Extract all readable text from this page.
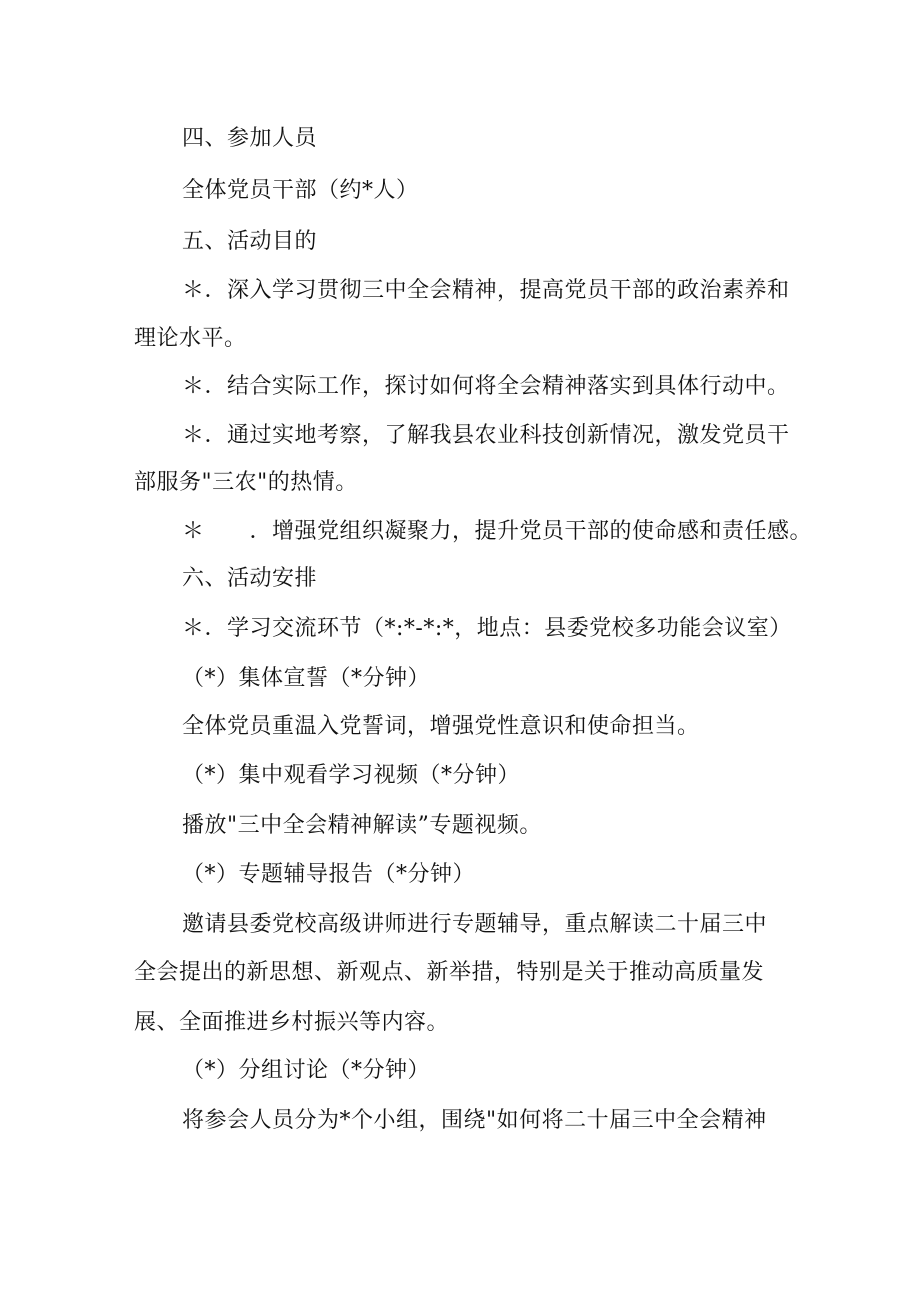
四、参加人员
全体党员干部（约*人）
五、活动目的
＊．深入学习贯彻三中全会精神，提高党员干部的政治素养和
理论水平。
＊．结合实际工作，探讨如何将全会精神落实到具体行动中。
＊．通过实地考察，了解我县农业科技创新情况，激发党员干
部服务"三农"的热情。
＊　　．增强党组织凝聚力，提升党员干部的使命感和责任感。
六、活动安排
＊．学习交流环节（*:*-*:*，地点：县委党校多功能会议室）
（*）集体宣誓（*分钟）
全体党员重温入党誓词，增强党性意识和使命担当。
（*）集中观看学习视频（*分钟）
播放"三中全会精神解读”专题视频。
（*）专题辅导报告（*分钟）
邀请县委党校高级讲师进行专题辅导，重点解读二十届三中
全会提出的新思想、新观点、新举措，特别是关于推动高质量发
展、全面推进乡村振兴等内容。
（*）分组讨论（*分钟）
将参会人员分为*个小组，围绕"如何将二十届三中全会精神
